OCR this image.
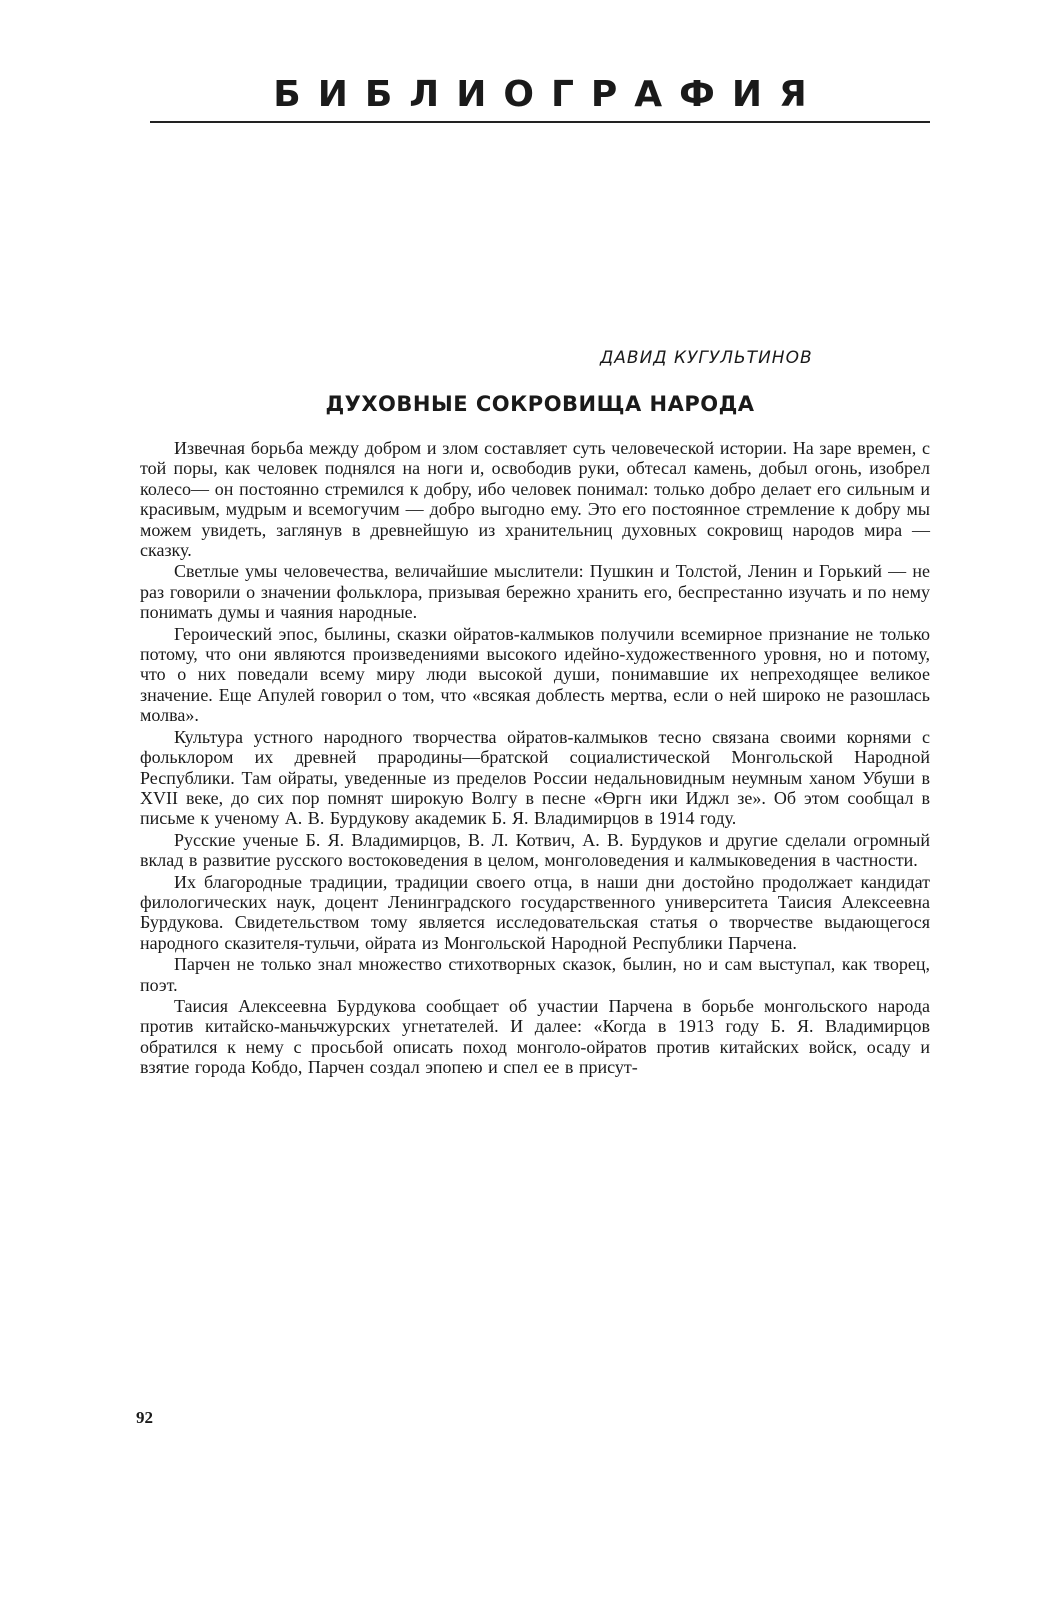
БИБЛИОГРАФИЯ
ДАВИД КУГУЛЬТИНОВ
ДУХОВНЫЕ СОКРОВИЩА НАРОДА

Извечная борьба между добром и злом составляет суть человеческой истории. На заре времен, с той поры, как человек поднялся на ноги и, освободив руки, обтесал камень, добыл огонь, изобрел колесо— он постоянно стремился к добру, ибо человек понимал: только добро делает его сильным и красивым, мудрым и всемогучим — добро выгодно ему. Это его постоянное стремление к добру мы можем увидеть, заглянув в древнейшую из хранительниц духовных сокровищ народов мира — сказку.

Светлые умы человечества, величайшие мыслители: Пушкин и Толстой, Ленин и Горький — не раз говорили о значении фольклора, призывая бережно хранить его, беспрестанно изучать и по нему понимать думы и чаяния народные.

Героический эпос, былины, сказки ойратов-калмыков получили всемирное признание не только потому, что они являются произведениями высокого идейно-художественного уровня, но и потому, что о них поведали всему миру люди высокой души, понимавшие их непреходящее великое значение. Еще Апулей говорил о том, что «всякая доблесть мертва, если о ней широко не разошлась молва».

Культура устного народного творчества ойратов-калмыков тесно связана своими корнями с фольклором их древней прародины—братской социалистической Монгольской Народной Республики. Там ойраты, уведенные из пределов России недальновидным неумным ханом Убуши в XVII веке, до сих пор помнят широкую Волгу в песне «Өргн ики Иджл зе». Об этом сообщал в письме к ученому А. В. Бурдукову академик Б. Я. Владимирцов в 1914 году.

Русские ученые Б. Я. Владимирцов, В. Л. Котвич, А. В. Бурдуков и другие сделали огромный вклад в развитие русского востоковедения в целом, монголоведения и калмыковедения в частности.

Их благородные традиции, традиции своего отца, в наши дни достойно продолжает кандидат филологических наук, доцент Ленинградского государственного университета Таисия Алексеевна Бурдукова. Свидетельством тому является исследовательская статья о творчестве выдающегося народного сказителя-тульчи, ойрата из Монгольской Народной Республики Парчена.

Парчен не только знал множество стихотворных сказок, былин, но и сам выступал, как творец, поэт.

Таисия Алексеевна Бурдукова сообщает об участии Парчена в борьбе монгольского народа против китайско-маньчжурских угнетателей. И далее: «Когда в 1913 году Б. Я. Владимирцов обратился к нему с просьбой описать поход монголо-ойратов против китайских войск, осаду и взятие города Кобдо, Парчен создал эпопею и спел ее в присут-

92
